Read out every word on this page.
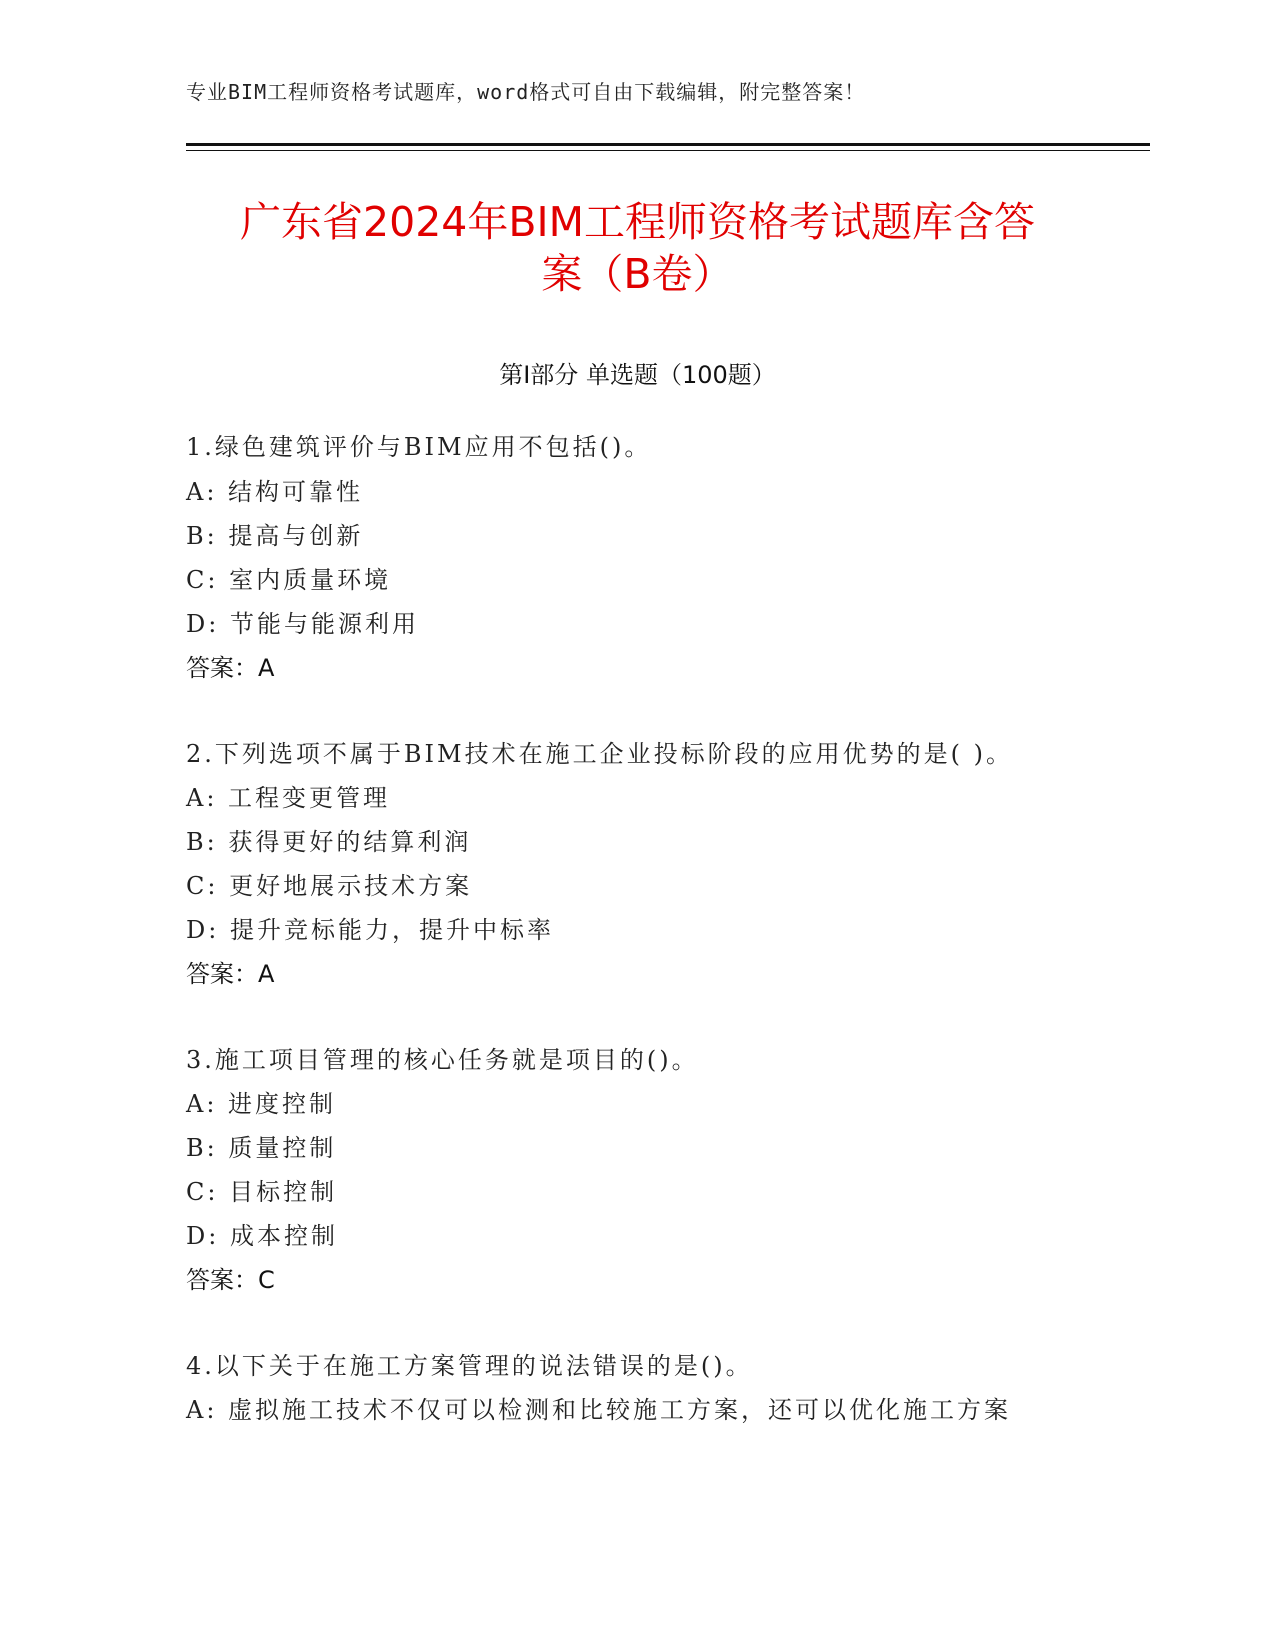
专业BIM工程师资格考试题库，word格式可自由下载编辑，附完整答案！
广东省2024年BIM工程师资格考试题库含答
案（B卷）
第Ⅰ部分 单选题（100题）
1.绿色建筑评价与BIM应用不包括()。
A: 结构可靠性
B: 提高与创新
C: 室内质量环境
D: 节能与能源利用
答案：A
2.下列选项不属于BIM技术在施工企业投标阶段的应用优势的是( )。
A: 工程变更管理
B: 获得更好的结算利润
C: 更好地展示技术方案
D: 提升竞标能力，提升中标率
答案：A
3.施工项目管理的核心任务就是项目的()。
A: 进度控制
B: 质量控制
C: 目标控制
D: 成本控制
答案：C
4.以下关于在施工方案管理的说法错误的是()。
A: 虚拟施工技术不仅可以检测和比较施工方案，还可以优化施工方案
